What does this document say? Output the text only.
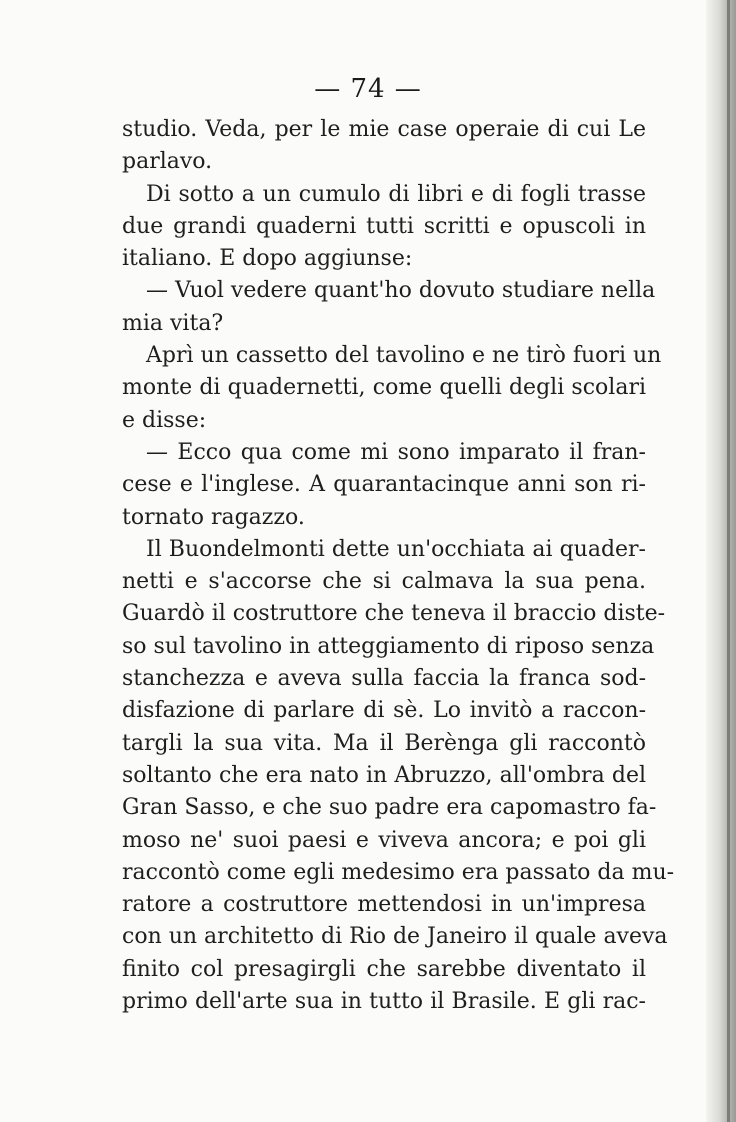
— 74 —
studio. Veda, per le mie case operaie di cui Le
parlavo.
Di sotto a un cumulo di libri e di fogli trasse
due grandi quaderni tutti scritti e opuscoli in
italiano. E dopo aggiunse:
— Vuol vedere quant'ho dovuto studiare nella
mia vita?
Aprì un cassetto del tavolino e ne tirò fuori un
monte di quadernetti, come quelli degli scolari
e disse:
— Ecco qua come mi sono imparato il fran-
cese e l'inglese. A quarantacinque anni son ri-
tornato ragazzo.
Il Buondelmonti dette un'occhiata ai quader-
netti e s'accorse che si calmava la sua pena.
Guardò il costruttore che teneva il braccio diste-
so sul tavolino in atteggiamento di riposo senza
stanchezza e aveva sulla faccia la franca sod-
disfazione di parlare di sè. Lo invitò a raccon-
targli la sua vita. Ma il Berènga gli raccontò
soltanto che era nato in Abruzzo, all'ombra del
Gran Sasso, e che suo padre era capomastro fa-
moso ne' suoi paesi e viveva ancora; e poi gli
raccontò come egli medesimo era passato da mu-
ratore a costruttore mettendosi in un'impresa
con un architetto di Rio de Janeiro il quale aveva
finito col presagirgli che sarebbe diventato il
primo dell'arte sua in tutto il Brasile. E gli rac-
